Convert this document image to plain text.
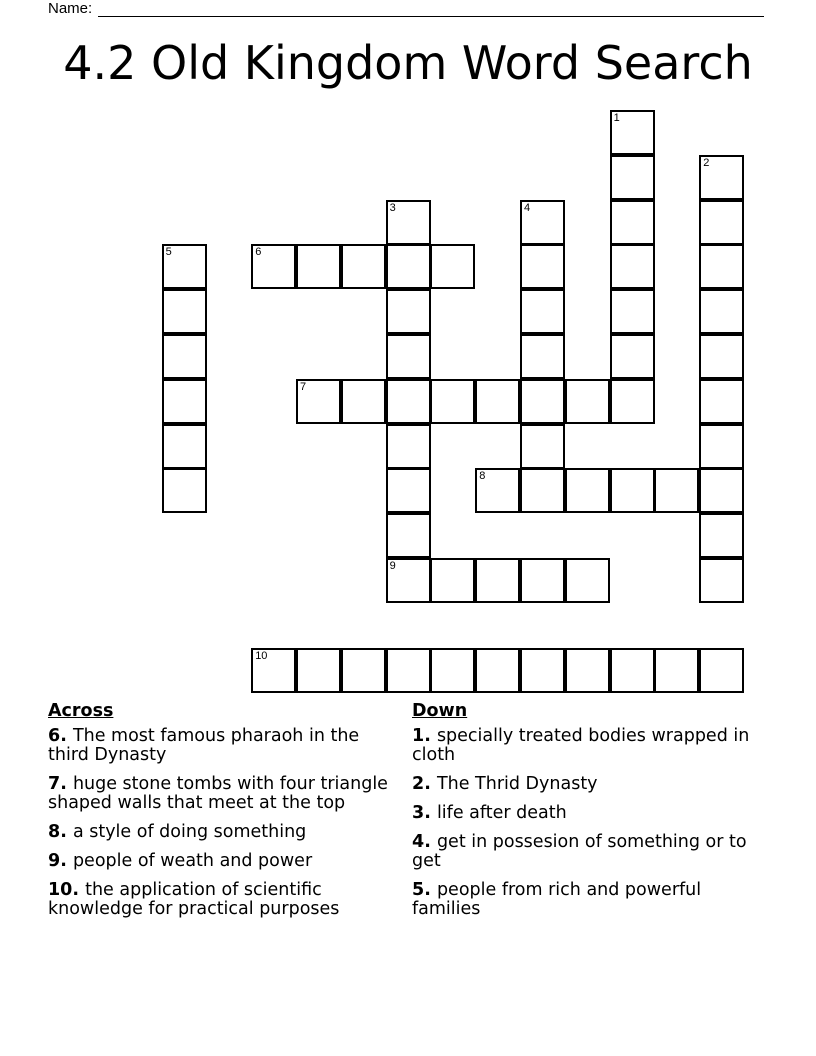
Name:
4.2 Old Kingdom Word Search
6
7
8
9
10
1
2
3	4
5
Across
6. The most famous pharaoh in the third Dynasty
7. huge stone tombs with four triangle shaped walls that meet at the top
8. a style of doing something
9. people of weath and power
10. the application of scientific knowledge for practical purposes
Down
1. specially treated bodies wrapped in cloth
2. The Thrid Dynasty
3. life after death
4. get in possesion of something or to get
5. people from rich and powerful families
